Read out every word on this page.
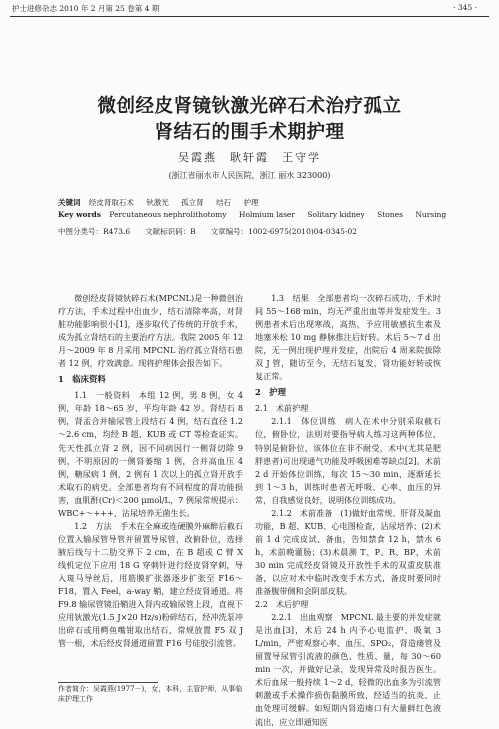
护士进修杂志 2010 年 2 月第 25 卷第 4 期	· 345 ·
微创经皮肾镜钬激光碎石术治疗孤立
肾结石的围手术期护理
吴霞燕　耿轩霞　王守学
(浙江省丽水市人民医院，浙江 丽水 323000)
关键词 经皮肾取石术 钬激光 孤立肾 结石 护理
Key words Percutaneous nephrolithotomy Holmium laser Solitary kidney Stones Nursing
中图分类号：R473.6　　文献标识码：B　　文章编号：1002-6975(2010)04-0345-02

微创经皮肾镜钬碎石术(MPCNL)是一种微创治疗方法，手术过程中出血少，结石清除率高，对肾脏功能影响很小[1]，逐步取代了传统的开放手术，成为孤立肾结石的主要治疗方法。我院 2005 年 12 月～2009 年 8 月采用 MPCNL 治疗孤立肾结石患者 12 例，疗效满意。现将护理体会报告如下。

1　临床资料

1.1　一般资料　本组 12 例，男 8 例，女 4 例，年龄 18～65 岁，平均年龄 42 岁。肾结石 8 例，肾盂合并输尿管上段结石 4 例，结石直径 1.2～2.6 cm，均经 B 超、KUB 或 CT 等检查证实。先天性孤立肾 2 例，因不同病因行一侧肾切除 9 例，不明原因的一侧肾萎缩 1 例，合并高血压 4 例，糖尿病 1 例，2 例有 1 次以上的孤立肾开放手术取石的病史。全部患者均有不同程度的肾功能损害，血肌酐(Cr)＜200 μmol/L，7 例尿常规提示：WBC+～+++，沾尿培养无菌生长。

1.2　方法　手术在全麻或连硬膜外麻醉后截石位置入输尿管导管并留置导尿管，改俯卧位，选择腋后线与十二肋交界下 2 cm，在 B 超或 C 臂 X 线机定位下应用 18 G 穿刺针进行经皮肾穿刺，导入斑马导丝后，用筋膜扩张器逐步扩张至 F16～F18，置入 Feel，a-way 鞘，建立经皮肾通道。将 F9.8 输尿管镜沿鞘进入肾内或输尿管上段，直视下应用钬激光(1.5 J×20 Hz/s)粉碎结石，经冲洗泵冲出碎石或用鳄鱼嘴钳取出结石，常规放置 F5 双 J 管一根，术后经皮肾通道留置 F16 号硅胶引流管。

1.3　结果　全部患者均一次碎石成功，手术时间 55～168 min，均无严重出血等并发症发生。3 例患者术后出现寒战，高热，予应用敏感抗生素及地塞米松 10 mg 静脉推注后好转。术后 5～7 d 出院，无一例出现护理并发症，出院后 4 周来院拔除双 J 管，随访至今，无结石复发，肾功能好转或恢复正常。

2　护理

2.1　术前护理

2.1.1　体位训练　病人在术中分别采取截石位，俯卧位，法则对要指导病人练习这两种体位，特别是俯卧位，该体位在非不耐受，术中(尤其是肥胖患者)可出现通气功能及呼吸困难等缺点[2]。术前 2 d 开始体位训练，每次 15～30 min，逐渐延长到 1～3 h，训练时患者无呼吸、心率、血压的异常，自我感觉良好，说明体位训练成功。

2.1.2　术前准备　(1)做好血常规、肝肾及凝血功能，B 超、KUB、心电图检查，沾尿培养；(2)术前 1 d 完成皮试、备血，告知禁食 12 h，禁水 6 h，术前晚灌肠；(3)术晨测 T、P、R、BP，术前 30 min 完成经皮肾镜及开放性手术的双重皮肤准备，以应对术中临时改变手术方式，备皮时要同时准备腹带侧和会阴部皮肤。

2.2　术后护理

2.2.1　出血观察　MPCNL 最主要的并发症就是出血[3]，术后 24 h 内予心电监护、吸氧 3 L/min，严密观察心率、血压、SPO₂，肾造瘘管及留置导尿管引流液的颜色、性质、量，每 30～60 min 一次，并做好记录，发现异常及时报告医生。术后血尿一般持续 1～2 d，轻微的出血多为引流管刺激或手术操作损伤黏膜所致，经适当的抗炎、止血处理可缓解。如短期内肾造瘘口有大量鲜红色液流出，应立即通知医

作者简介：吴霞燕(1977－)，女，本科，主管护师，从事临床护理工作
